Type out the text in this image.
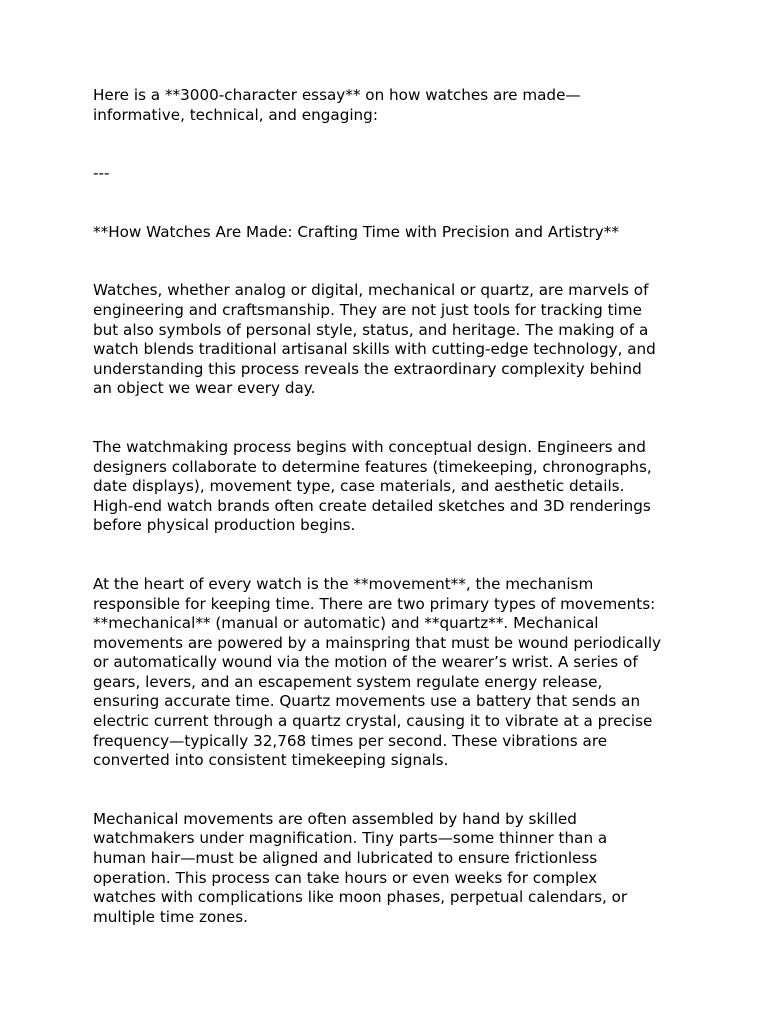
Here is a **3000-character essay** on how watches are made—
informative, technical, and engaging:
---
**How Watches Are Made: Crafting Time with Precision and Artistry**
Watches, whether analog or digital, mechanical or quartz, are marvels of
engineering and craftsmanship. They are not just tools for tracking time
but also symbols of personal style, status, and heritage. The making of a
watch blends traditional artisanal skills with cutting-edge technology, and
understanding this process reveals the extraordinary complexity behind
an object we wear every day.
The watchmaking process begins with conceptual design. Engineers and
designers collaborate to determine features (timekeeping, chronographs,
date displays), movement type, case materials, and aesthetic details.
High-end watch brands often create detailed sketches and 3D renderings
before physical production begins.
At the heart of every watch is the **movement**, the mechanism
responsible for keeping time. There are two primary types of movements:
**mechanical** (manual or automatic) and **quartz**. Mechanical
movements are powered by a mainspring that must be wound periodically
or automatically wound via the motion of the wearer’s wrist. A series of
gears, levers, and an escapement system regulate energy release,
ensuring accurate time. Quartz movements use a battery that sends an
electric current through a quartz crystal, causing it to vibrate at a precise
frequency—typically 32,768 times per second. These vibrations are
converted into consistent timekeeping signals.
Mechanical movements are often assembled by hand by skilled
watchmakers under magnification. Tiny parts—some thinner than a
human hair—must be aligned and lubricated to ensure frictionless
operation. This process can take hours or even weeks for complex
watches with complications like moon phases, perpetual calendars, or
multiple time zones.
